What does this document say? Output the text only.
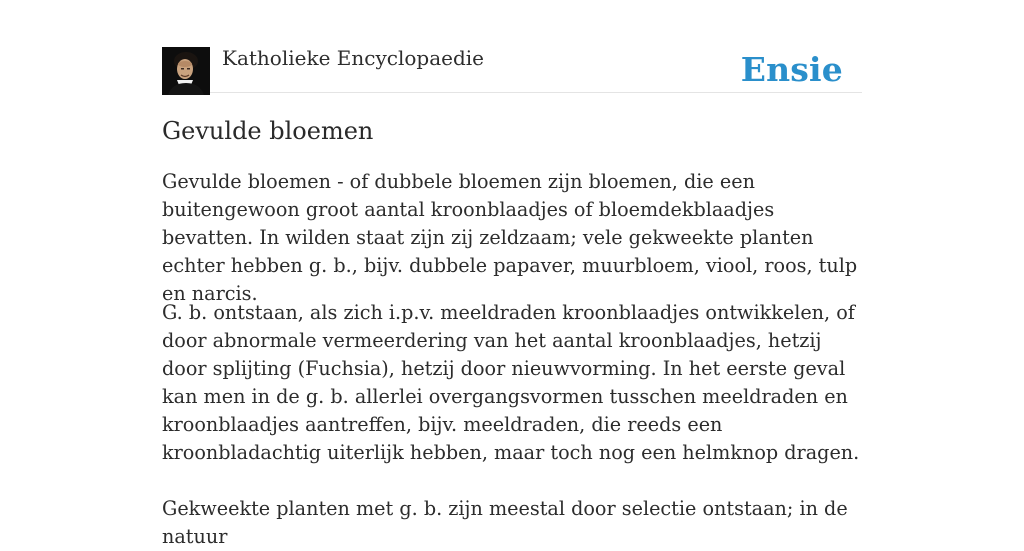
Katholieke Encyclopaedie	Ensie
Gevulde bloemen

Gevulde bloemen - of dubbele bloemen zijn bloemen, die een buitengewoon groot aantal kroonblaadjes of bloemdekblaadjes bevatten. In wilden staat zijn zij zeldzaam; vele gekweekte planten echter hebben g. b., bijv. dubbele papaver, muurbloem, viool, roos, tulp en narcis.

G. b. ontstaan, als zich i.p.v. meeldraden kroonblaadjes ontwikkelen, of door abnormale vermeerdering van het aantal kroonblaadjes, hetzij door splijting (Fuchsia), hetzij door nieuwvorming. In het eerste geval kan men in de g. b. allerlei overgangsvormen tusschen meeldraden en kroonblaadjes aantreffen, bijv. meeldraden, die reeds een kroonbladachtig uiterlijk hebben, maar toch nog een helmknop dragen.

Gekweekte planten met g. b. zijn meestal door selectie ontstaan; in de natuur
